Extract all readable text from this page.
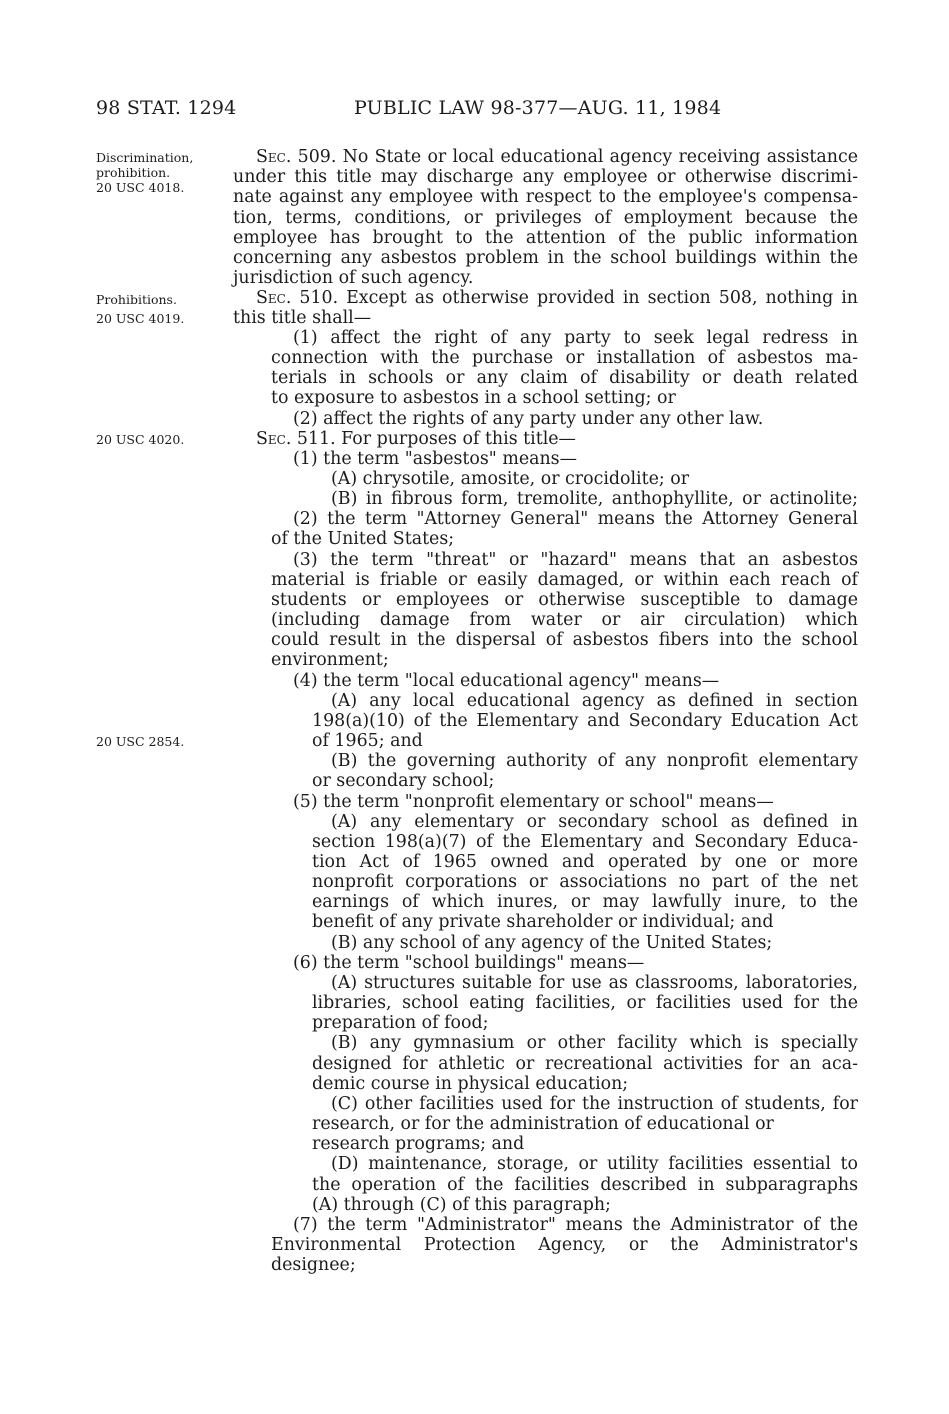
98 STAT. 1294	PUBLIC LAW 98-377—AUG. 11, 1984
Discrimination,
prohibition.
20 USC 4018.
Prohibitions.
20 USC 4019.
20 USC 4020.
20 USC 2854.
Sec. 509. No State or local educational agency receiving assistance
under this title may discharge any employee or otherwise discrimi-
nate against any employee with respect to the employee's compensa-
tion, terms, conditions, or privileges of employment because the
employee has brought to the attention of the public information
concerning any asbestos problem in the school buildings within the
jurisdiction of such agency.
Sec. 510. Except as otherwise provided in section 508, nothing in
this title shall—
(1) affect the right of any party to seek legal redress in
connection with the purchase or installation of asbestos ma-
terials in schools or any claim of disability or death related
to exposure to asbestos in a school setting; or
(2) affect the rights of any party under any other law.
Sec. 511. For purposes of this title—
(1) the term "asbestos" means—
(A) chrysotile, amosite, or crocidolite; or
(B) in fibrous form, tremolite, anthophyllite, or actinolite;
(2) the term "Attorney General" means the Attorney General
of the United States;
(3) the term "threat" or "hazard" means that an asbestos
material is friable or easily damaged, or within each reach of
students or employees or otherwise susceptible to damage
(including damage from water or air circulation) which
could result in the dispersal of asbestos fibers into the school
environment;
(4) the term "local educational agency" means—
(A) any local educational agency as defined in section
198(a)(10) of the Elementary and Secondary Education Act
of 1965; and
(B) the governing authority of any nonprofit elementary
or secondary school;
(5) the term "nonprofit elementary or school" means—
(A) any elementary or secondary school as defined in
section 198(a)(7) of the Elementary and Secondary Educa-
tion Act of 1965 owned and operated by one or more
nonprofit corporations or associations no part of the net
earnings of which inures, or may lawfully inure, to the
benefit of any private shareholder or individual; and
(B) any school of any agency of the United States;
(6) the term "school buildings" means—
(A) structures suitable for use as classrooms, laboratories,
libraries, school eating facilities, or facilities used for the
preparation of food;
(B) any gymnasium or other facility which is specially
designed for athletic or recreational activities for an aca-
demic course in physical education;
(C) other facilities used for the instruction of students, for
research, or for the administration of educational or
research programs; and
(D) maintenance, storage, or utility facilities essential to
the operation of the facilities described in subparagraphs
(A) through (C) of this paragraph;
(7) the term "Administrator" means the Administrator of the
Environmental Protection Agency, or the Administrator's
designee;
